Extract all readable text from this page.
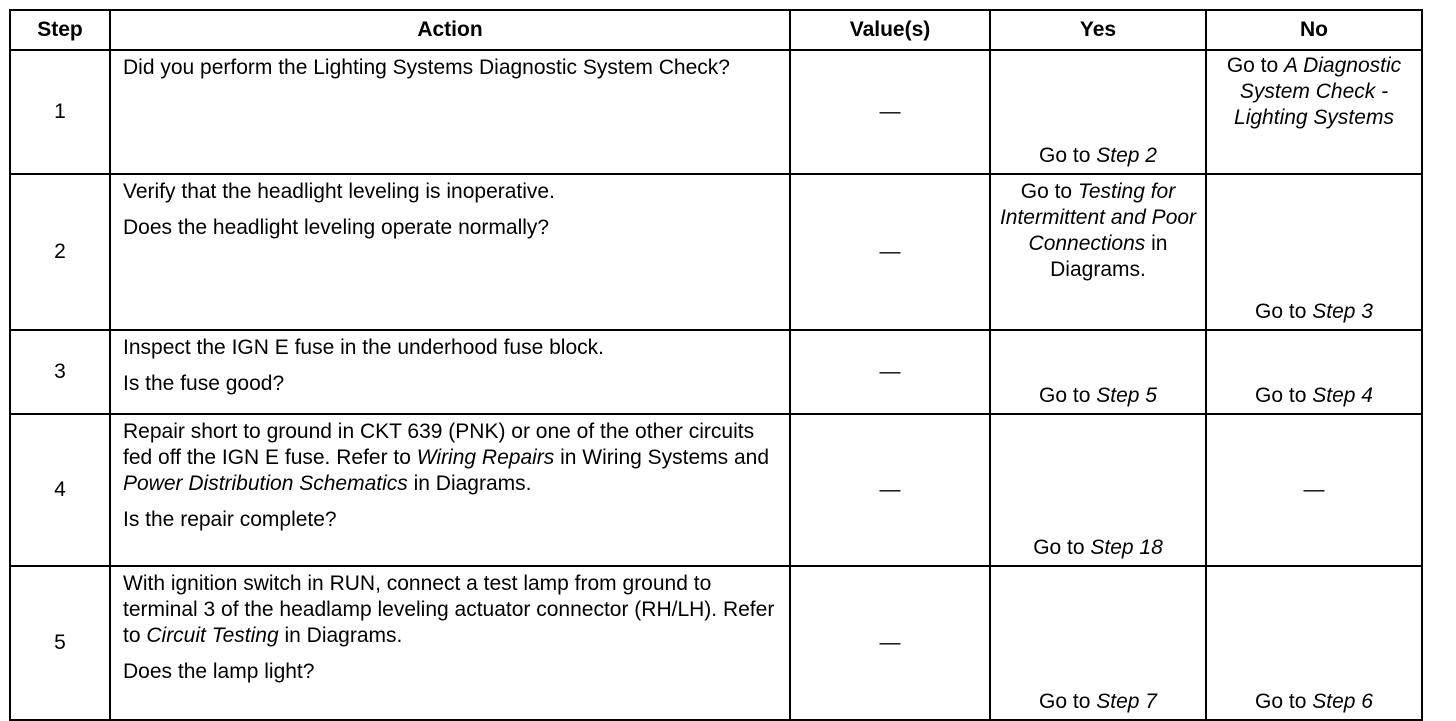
Step	Action	Value(s)	Yes	No
1	Did you perform the Lighting Systems Diagnostic System Check?	—	Go to Step 2	Go to A Diagnostic System Check - Lighting Systems
2	Verify that the headlight leveling is inoperative.

Does the headlight leveling operate normally?	—	Go to Testing for Intermittent and Poor Connections in Diagrams.	Go to Step 3
3	Inspect the IGN E fuse in the underhood fuse block.

Is the fuse good?	—	Go to Step 5	Go to Step 4
4	Repair short to ground in CKT 639 (PNK) or one of the other circuits fed off the IGN E fuse. Refer to Wiring Repairs in Wiring Systems and Power Distribution Schematics in Diagrams.

Is the repair complete?	—	Go to Step 18	—
5	With ignition switch in RUN, connect a test lamp from ground to terminal 3 of the headlamp leveling actuator connector (RH/LH). Refer to Circuit Testing in Diagrams.

Does the lamp light?	—	Go to Step 7	Go to Step 6
